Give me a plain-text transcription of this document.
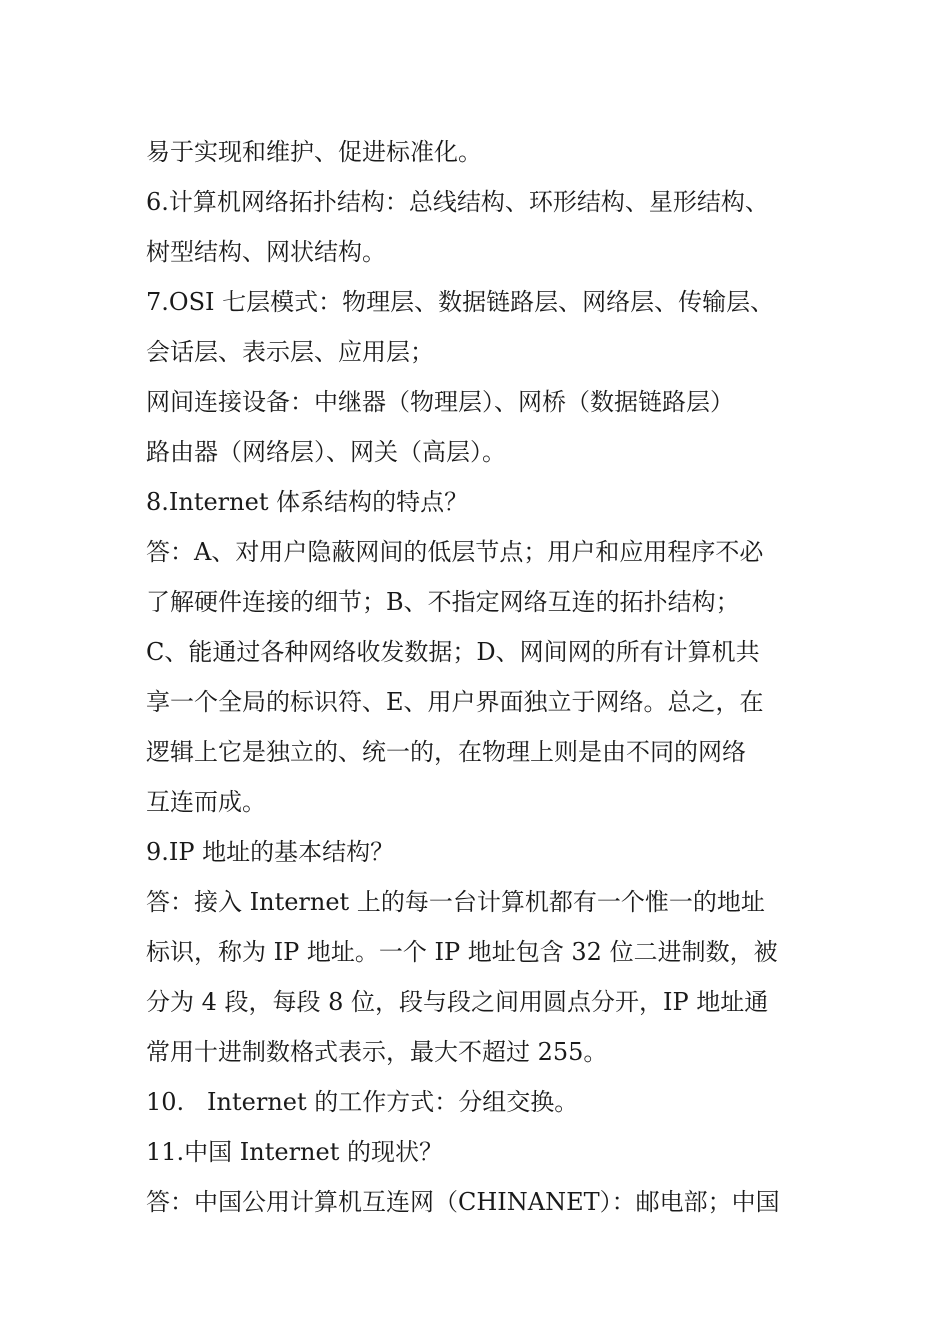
易于实现和维护、促进标准化。
6.计算机网络拓扑结构：总线结构、环形结构、星形结构、
树型结构、网状结构。
7.OSI 七层模式：物理层、数据链路层、网络层、传输层、
会话层、表示层、应用层；
网间连接设备：中继器（物理层）、网桥（数据链路层）
路由器（网络层）、网关（高层）。
8.Internet 体系结构的特点？
答：A、对用户隐蔽网间的低层节点；用户和应用程序不必
了解硬件连接的细节；B、不指定网络互连的拓扑结构；
C、能通过各种网络收发数据；D、网间网的所有计算机共
享一个全局的标识符、E、用户界面独立于网络。总之，在
逻辑上它是独立的、统一的，在物理上则是由不同的网络
互连而成。
9.IP 地址的基本结构？
答：接入 Internet 上的每一台计算机都有一个惟一的地址
标识，称为 IP 地址。一个 IP 地址包含 32 位二进制数，被
分为 4 段，每段 8 位，段与段之间用圆点分开，IP 地址通
常用十进制数格式表示，最大不超过 255。
10.   Internet 的工作方式：分组交换。
11.中国 Internet 的现状？
答：中国公用计算机互连网（CHINANET）：邮电部；中国
